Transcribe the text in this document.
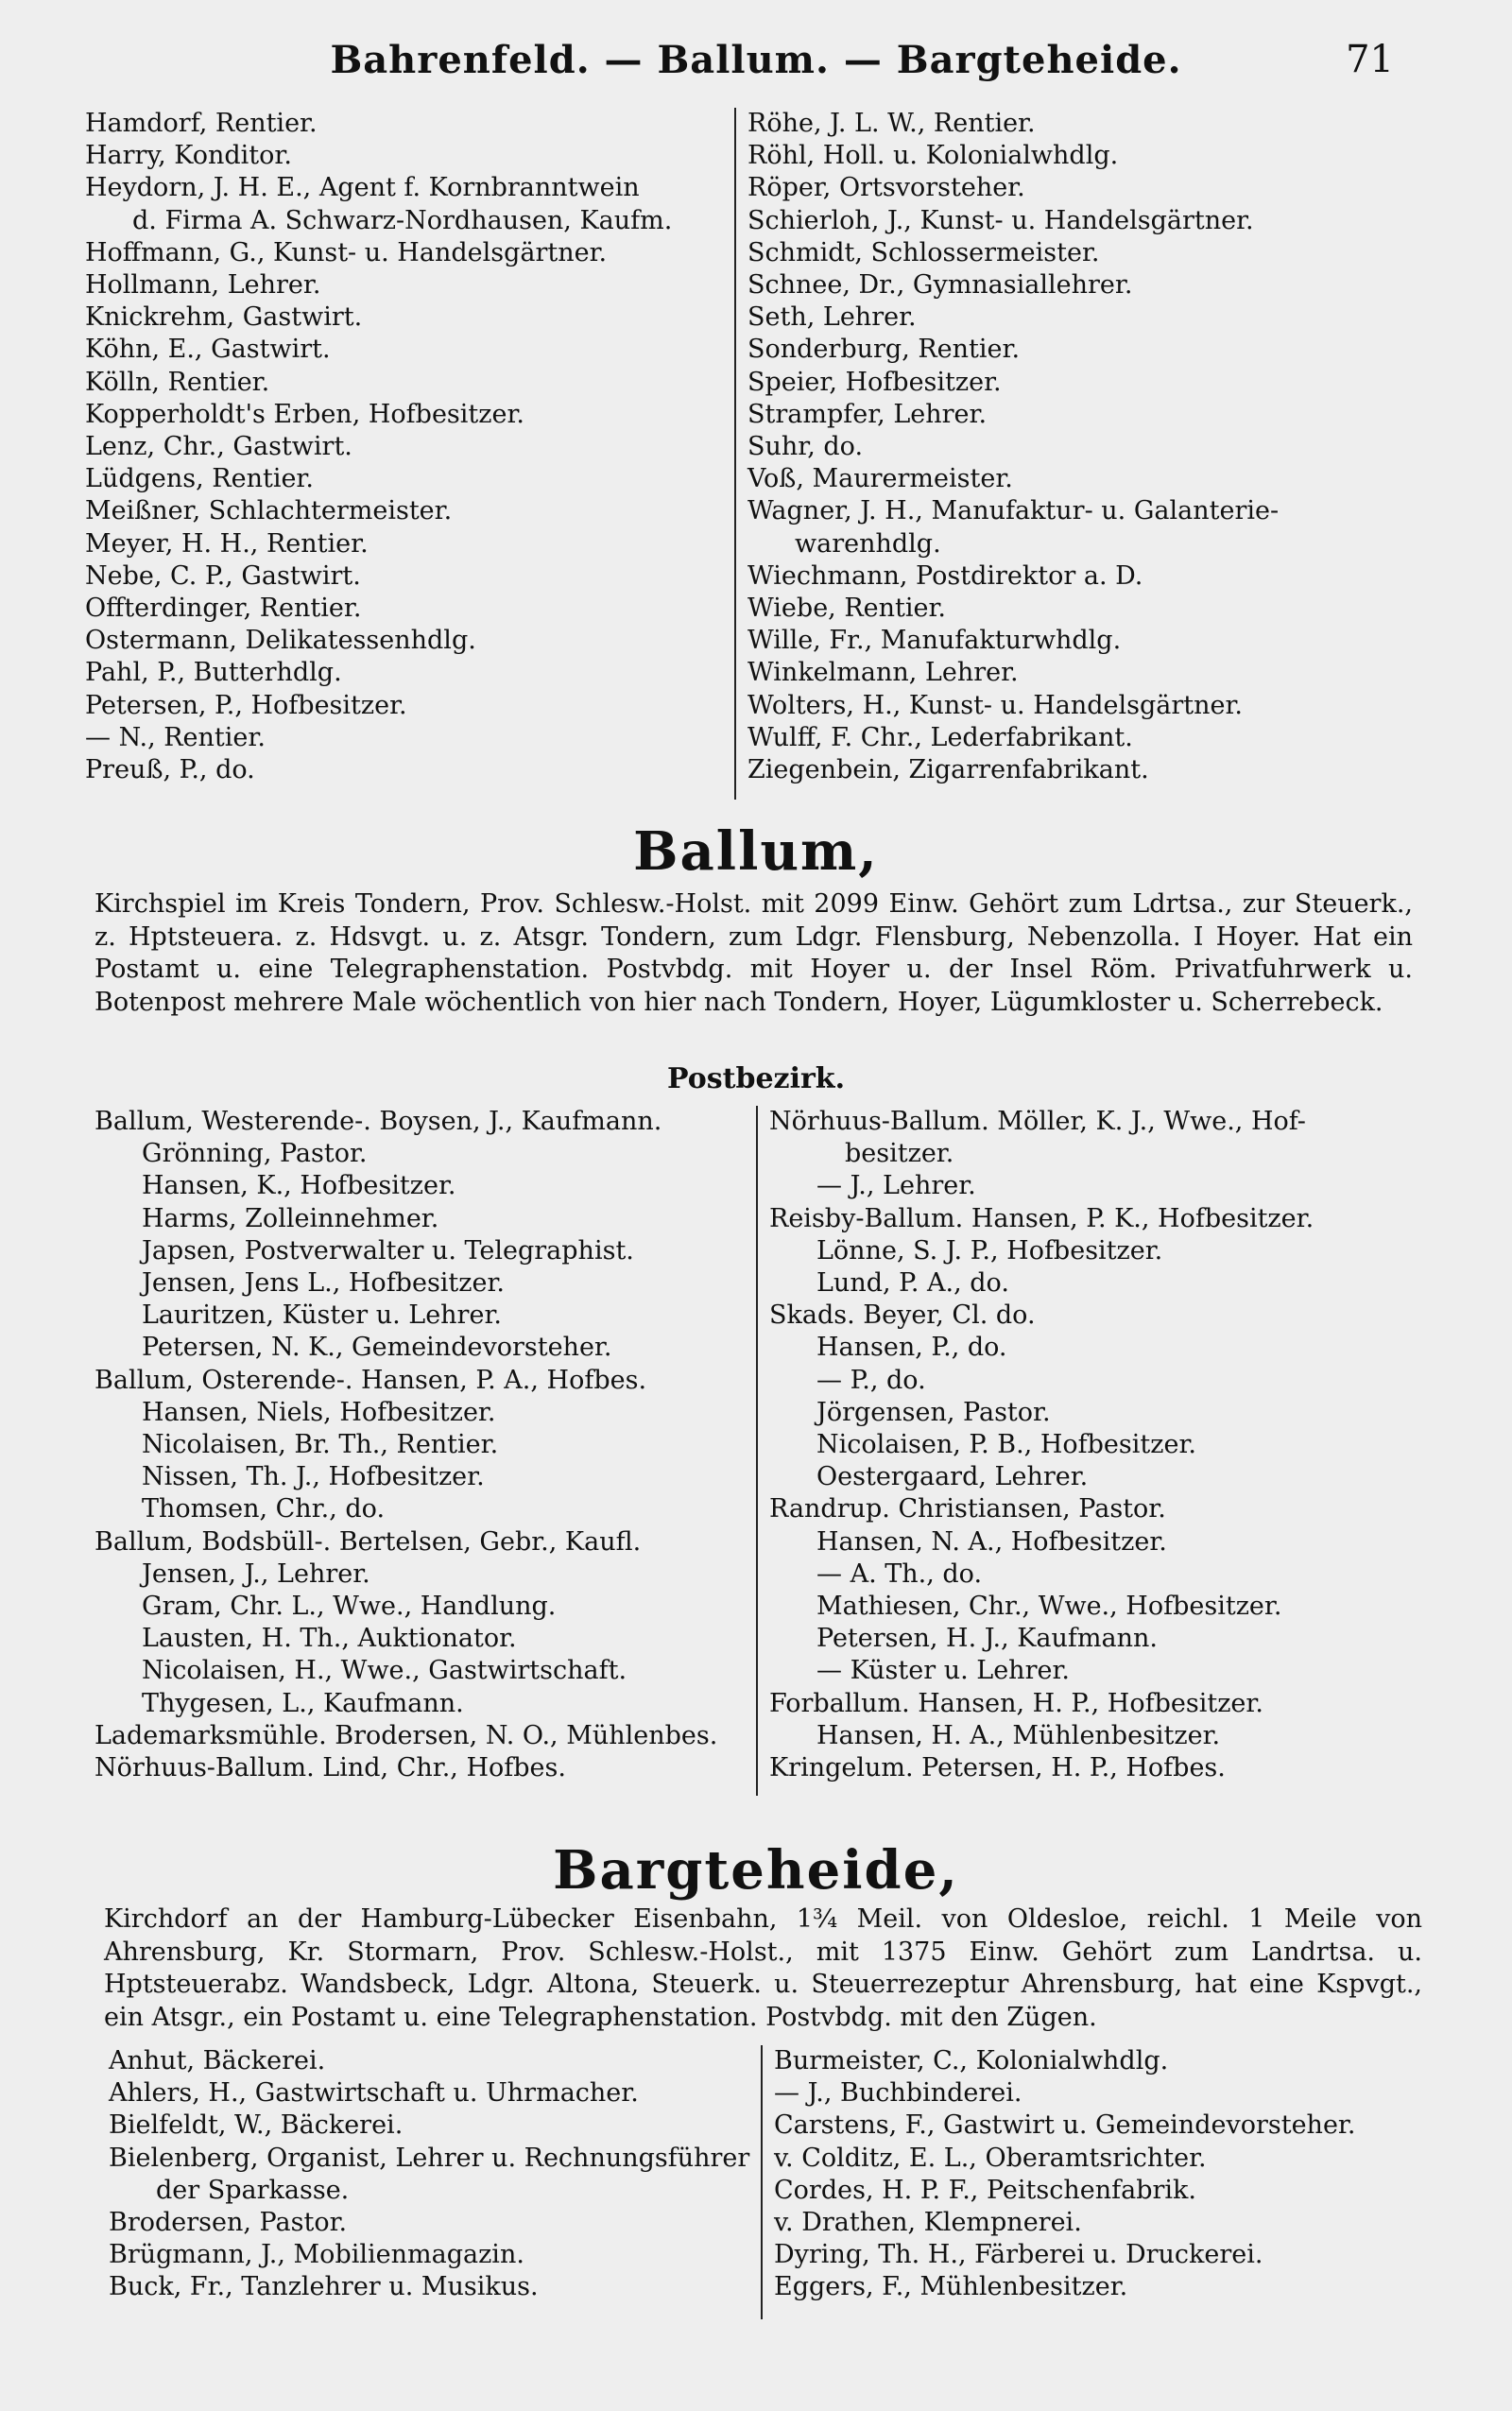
Bahrenfeld. — Ballum. — Bargteheide.	71
Hamdorf, Rentier.
Harry, Konditor.
Heydorn, J. H. E., Agent f. Kornbranntwein
d. Firma A. Schwarz-Nordhausen, Kaufm.
Hoffmann, G., Kunst- u. Handelsgärtner.
Hollmann, Lehrer.
Knickrehm, Gastwirt.
Köhn, E., Gastwirt.
Kölln, Rentier.
Kopperholdt's Erben, Hofbesitzer.
Lenz, Chr., Gastwirt.
Lüdgens, Rentier.
Meißner, Schlachtermeister.
Meyer, H. H., Rentier.
Nebe, C. P., Gastwirt.
Offterdinger, Rentier.
Ostermann, Delikatessenhdlg.
Pahl, P., Butterhdlg.
Petersen, P., Hofbesitzer.
— N., Rentier.
Preuß, P., do.
Röhe, J. L. W., Rentier.
Röhl, Holl. u. Kolonialwhdlg.
Röper, Ortsvorsteher.
Schierloh, J., Kunst- u. Handelsgärtner.
Schmidt, Schlossermeister.
Schnee, Dr., Gymnasiallehrer.
Seth, Lehrer.
Sonderburg, Rentier.
Speier, Hofbesitzer.
Strampfer, Lehrer.
Suhr, do.
Voß, Maurermeister.
Wagner, J. H., Manufaktur- u. Galanterie-
warenhdlg.
Wiechmann, Postdirektor a. D.
Wiebe, Rentier.
Wille, Fr., Manufakturwhdlg.
Winkelmann, Lehrer.
Wolters, H., Kunst- u. Handelsgärtner.
Wulff, F. Chr., Lederfabrikant.
Ziegenbein, Zigarrenfabrikant.
Ballum,
Kirchspiel im Kreis Tondern, Prov. Schlesw.-Holst. mit 2099 Einw. Gehört zum Ldrtsa., zur Steuerk., z. Hptsteuera. z. Hdsvgt. u. z. Atsgr. Tondern, zum Ldgr. Flensburg, Nebenzolla. I Hoyer. Hat ein Postamt u. eine Telegraphenstation. Postvbdg. mit Hoyer u. der Insel Röm. Privatfuhrwerk u. Botenpost mehrere Male wöchentlich von hier nach Tondern, Hoyer, Lügumkloster u. Scherrebeck.
Postbezirk.
Ballum, Westerende-. Boysen, J., Kaufmann.
Grönning, Pastor.
Hansen, K., Hofbesitzer.
Harms, Zolleinnehmer.
Japsen, Postverwalter u. Telegraphist.
Jensen, Jens L., Hofbesitzer.
Lauritzen, Küster u. Lehrer.
Petersen, N. K., Gemeindevorsteher.
Ballum, Osterende-. Hansen, P. A., Hofbes.
Hansen, Niels, Hofbesitzer.
Nicolaisen, Br. Th., Rentier.
Nissen, Th. J., Hofbesitzer.
Thomsen, Chr., do.
Ballum, Bodsbüll-. Bertelsen, Gebr., Kaufl.
Jensen, J., Lehrer.
Gram, Chr. L., Wwe., Handlung.
Lausten, H. Th., Auktionator.
Nicolaisen, H., Wwe., Gastwirtschaft.
Thygesen, L., Kaufmann.
Lademarksmühle. Brodersen, N. O., Mühlenbes.
Nörhuus-Ballum. Lind, Chr., Hofbes.
Nörhuus-Ballum. Möller, K. J., Wwe., Hof-
besitzer.
— J., Lehrer.
Reisby-Ballum. Hansen, P. K., Hofbesitzer.
Lönne, S. J. P., Hofbesitzer.
Lund, P. A., do.
Skads. Beyer, Cl. do.
Hansen, P., do.
— P., do.
Jörgensen, Pastor.
Nicolaisen, P. B., Hofbesitzer.
Oestergaard, Lehrer.
Randrup. Christiansen, Pastor.
Hansen, N. A., Hofbesitzer.
— A. Th., do.
Mathiesen, Chr., Wwe., Hofbesitzer.
Petersen, H. J., Kaufmann.
— Küster u. Lehrer.
Forballum. Hansen, H. P., Hofbesitzer.
Hansen, H. A., Mühlenbesitzer.
Kringelum. Petersen, H. P., Hofbes.
Bargteheide,
Kirchdorf an der Hamburg-Lübecker Eisenbahn, 1¾ Meil. von Oldesloe, reichl. 1 Meile von Ahrensburg, Kr. Stormarn, Prov. Schlesw.-Holst., mit 1375 Einw. Gehört zum Landrtsa. u. Hptsteuerabz. Wandsbeck, Ldgr. Altona, Steuerk. u. Steuerrezeptur Ahrensburg, hat eine Kspvgt., ein Atsgr., ein Postamt u. eine Telegraphenstation. Postvbdg. mit den Zügen.
Anhut, Bäckerei.
Ahlers, H., Gastwirtschaft u. Uhrmacher.
Bielfeldt, W., Bäckerei.
Bielenberg, Organist, Lehrer u. Rechnungsführer
der Sparkasse.
Brodersen, Pastor.
Brügmann, J., Mobilienmagazin.
Buck, Fr., Tanzlehrer u. Musikus.
Burmeister, C., Kolonialwhdlg.
— J., Buchbinderei.
Carstens, F., Gastwirt u. Gemeindevorsteher.
v. Colditz, E. L., Oberamtsrichter.
Cordes, H. P. F., Peitschenfabrik.
v. Drathen, Klempnerei.
Dyring, Th. H., Färberei u. Druckerei.
Eggers, F., Mühlenbesitzer.
